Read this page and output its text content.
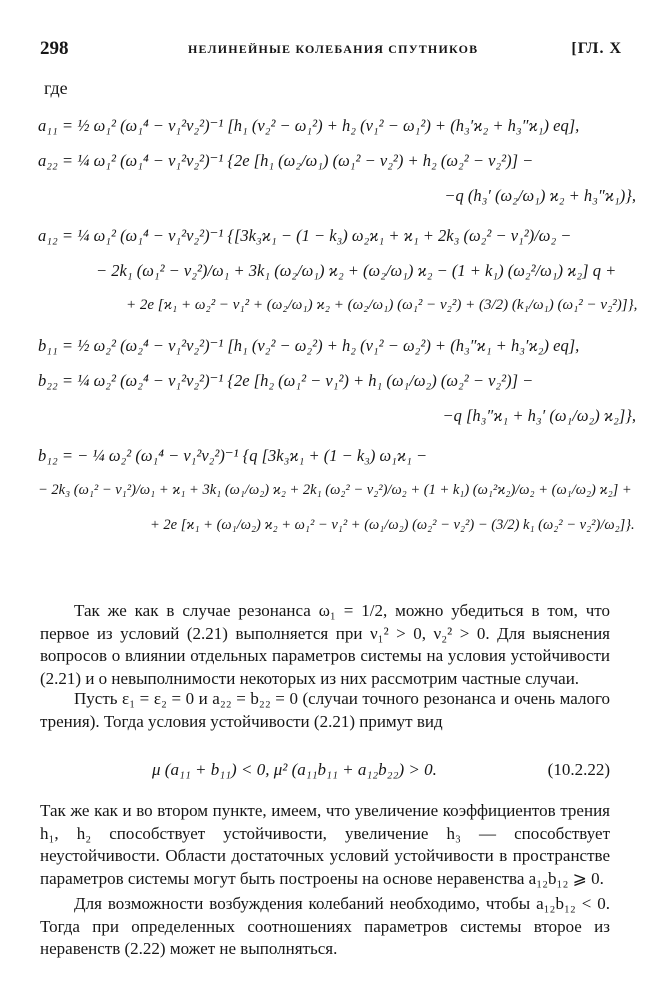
298	НЕЛИНЕЙНЫЕ КОЛЕБАНИЯ СПУТНИКОВ	[ГЛ. X
где
a₁₁ = ½ ω₁² (ω₁⁴ − ν₁²ν₂²)⁻¹ [h₁ (ν₂² − ω₁²) + h₂ (ν₁² − ω₁²) + (h₃′ϰ₂ + h₃″ϰ₁) eq],
a₂₂ = ¼ ω₁² (ω₁⁴ − ν₁²ν₂²)⁻¹ {2e [h₁ (ω₂/ω₁) (ω₁² − ν₂²) + h₂ (ω₂² − ν₂²)] −
−q (h₃′ (ω₂/ω₁) ϰ₂ + h₃″ϰ₁)},
a₁₂ = ¼ ω₁² (ω₁⁴ − ν₁²ν₂²)⁻¹ {[3k₃ϰ₁ − (1 − k₃) ω₂ϰ₁ + ϰ₁ + 2k₃ (ω₂² − ν₁²)/ω₂ −
− 2k₁ (ω₁² − ν₂²)/ω₁ + 3k₁ (ω₂/ω₁) ϰ₂ + (ω₂/ω₁) ϰ₂ − (1 + k₁) (ω₂²/ω₁) ϰ₂] q +
+ 2e [ϰ₁ + ω₂² − ν₁² + (ω₂/ω₁) ϰ₂ + (ω₂/ω₁) (ω₁² − ν₂²) + (3/2) (k₁/ω₁) (ω₁² − ν₂²)]},
b₁₁ = ½ ω₂² (ω₂⁴ − ν₁²ν₂²)⁻¹ [h₁ (ν₂² − ω₂²) + h₂ (ν₁² − ω₂²) + (h₃″ϰ₁ + h₃′ϰ₂) eq],
b₂₂ = ¼ ω₂² (ω₂⁴ − ν₁²ν₂²)⁻¹ {2e [h₂ (ω₁² − ν₁²) + h₁ (ω₁/ω₂) (ω₂² − ν₂²)] −
−q [h₃″ϰ₁ + h₃′ (ω₁/ω₂) ϰ₂]},
b₁₂ = − ¼ ω₂² (ω₁⁴ − ν₁²ν₂²)⁻¹ {q [3k₃ϰ₁ + (1 − k₃) ω₁ϰ₁ −
− 2k₃ (ω₁² − ν₁²)/ω₁ + ϰ₁ + 3k₁ (ω₁/ω₂) ϰ₂ + 2k₁ (ω₂² − ν₂²)/ω₂ + (1 + k₁) (ω₁²ϰ₂)/ω₂ + (ω₁/ω₂) ϰ₂] +
+ 2e [ϰ₁ + (ω₁/ω₂) ϰ₂ + ω₁² − ν₁² + (ω₁/ω₂) (ω₂² − ν₂²) − (3/2) k₁ (ω₂² − ν₂²)/ω₂]}.
Так же как в случае резонанса ω₁ = 1/2, можно убедиться в том, что первое из условий (2.21) выполняется при ν₁² > 0, ν₂² > 0. Для выяснения вопросов о влиянии отдельных параметров системы на условия устойчивости (2.21) и о невыполнимости некоторых из них рассмотрим частные случаи.
Пусть ε₁ = ε₂ = 0 и a₂₂ = b₂₂ = 0 (случаи точного резонанса и очень малого трения). Тогда условия устойчивости (2.21) примут вид
μ (a₁₁ + b₁₁) < 0, μ² (a₁₁b₁₁ + a₁₂b₂₂) > 0.	(10.2.22)
Так же как и во втором пункте, имеем, что увеличение коэффициентов трения h₁, h₂ способствует устойчивости, увеличение h₃ — способствует неустойчивости. Области достаточных условий устойчивости в пространстве параметров системы могут быть построены на основе неравенства a₁₂b₁₂ ⩾ 0.
Для возможности возбуждения колебаний необходимо, чтобы a₁₂b₁₂ < 0. Тогда при определенных соотношениях параметров системы второе из неравенств (2.22) может не выполняться.
